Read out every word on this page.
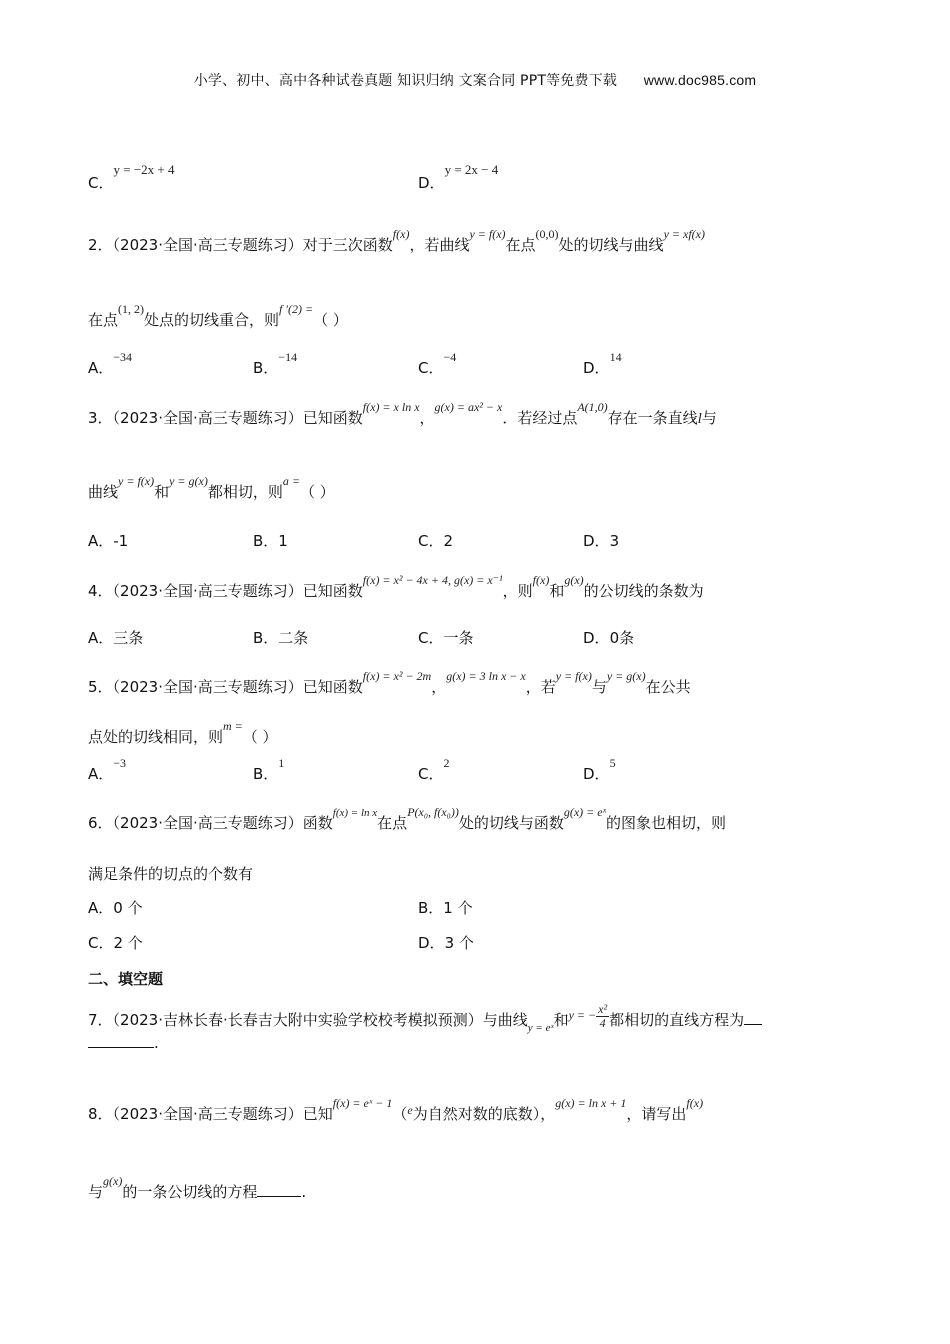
小学、初中、高中各种试卷真题 知识归纳 文案合同 PPT等免费下载 www.doc985.com
C．y = −2x + 4
D．y = 2x − 4
2．（2023·全国·高三专题练习）对于三次函数$^{f(x)}$，若曲线$^{y = f(x)}$在点$^{(0,0)}$处的切线与曲线$^{y = xf(x)}$
在点$^{(1, 2)}$处点的切线重合，则$^{f '(2) =}$（ ）
A．$^{-34}$
B．$^{-14}$
C．$^{-4}$
D．$^{14}$
3．（2023·全国·高三专题练习）已知函数$^{f(x) = x ln x}$，$^{g(x) = ax^2 - x}$．若经过点$^{A(1,0)}$存在一条直线l与
曲线$^{y = f(x)}$和$^{y = g(x)}$都相切，则$^{a =}$（ ）
A．-1	B．1	C．2	D．3
4．（2023·全国·高三专题练习）已知函数$^{f(x) = x^2 - 4x + 4, g(x) = x^{-1}}$，则$^{f(x)}$和$^{g(x)}$的公切线的条数为
A．三条	B．二条	C．一条	D．0条
5．（2023·全国·高三专题练习）已知函数$^{f(x) = x^2 - 2m}$，$^{g(x) = 3 ln x - x}$，若$^{y = f(x)}$与$^{y = g(x)}$在公共
点处的切线相同，则$^{m =}$（ ）
A．$^{-3}$
B．$^1$
C．$^2$
D．$^5$
6．（2023·全国·高三专题练习）函数$^{f(x) = ln x}$在点$^{P(x_0, f(x_0))}$处的切线与函数$^{g(x) = eˣ}$的图象也相切，则
满足条件的切点的个数有
A．0 个	B．1 个
C．2 个	D．3 个
二、填空题
7．（2023·吉林长春·长春吉大附中实验学校校考模拟预测）与曲线$_{y = eˣ}$和$^{y = -} \frac{\text{x²}}{4}$ 都相切的直线方程为
.
8．（2023·全国·高三专题练习）已知$^{f(x) = eˣ - 1}$（$^e$为自然对数的底数），$^{g(x) = ln x + 1}$，请写出$^{f(x)}$
与$^{g(x)}$的一条公切线的方程	.
